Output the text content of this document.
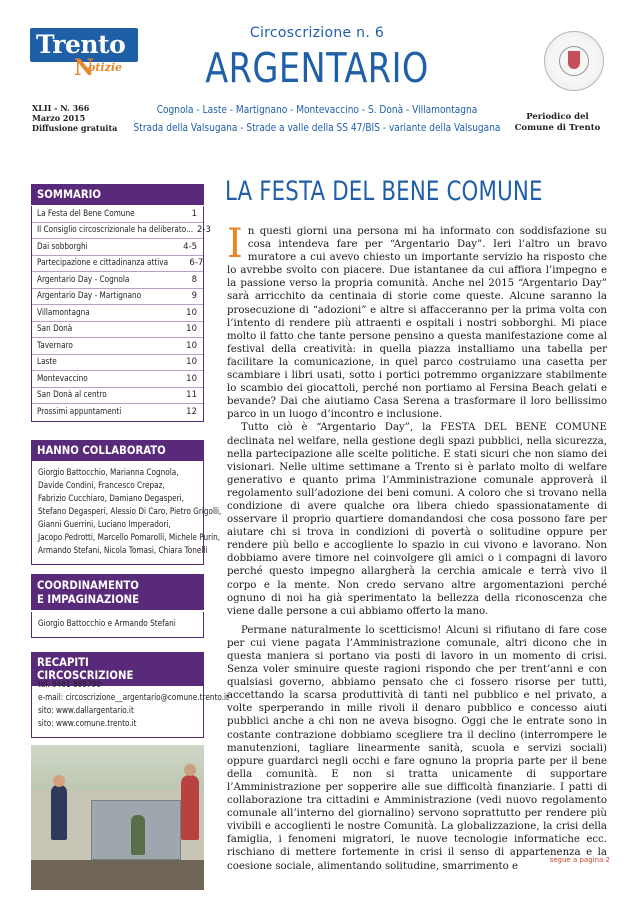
Trento
N
otizie
XLII - N. 366
Marzo 2015
Diffusione gratuita
Circoscrizione n. 6
ARGENTARIO
Cognola - Laste - Martignano - Montevaccino - S. Donà - Villamontagna
Strada della Valsugana - Strade a valle della SS 47/BIS - variante della Valsugana
Periodico del
Comune di Trento
SOMMARIO
La Festa del Bene Comune	1
Il Consiglio circoscrizionale ha deliberato... 2-3
Dai sobborghi	4-5
Partecipazione e cittadinanza attiva	6-7
Argentario Day - Cognola	8
Argentario Day - Martignano	9
Villamontagna	10
San Donà	10
Tavernaro	10
Laste	10
Montevaccino	10
San Donà al centro	11
Prossimi appuntamenti	12
HANNO COLLABORATO
Giorgio Battocchio, Marianna Cognola,
Davide Condini, Francesco Crepaz,
Fabrizio Cucchiaro, Damiano Degasperi,
Stefano Degasperi, Alessio Di Caro, Pietro Grigolli,
Gianni Guerrini, Luciano Imperadori,
Jacopo Pedrotti, Marcello Pomarolli, Michele Purin,
Armando Stefani, Nicola Tomasi, Chiara Tonelli
COORDINAMENTO
E IMPAGINAZIONE
Giorgio Battocchio e Armando Stefani
RECAPITI CIRCOSCRIZIONE
tel. 0461 889790
e-mail: circoscrizione__argentario@comune.trento.it
sito: www.dallargentario.it
sito: www.comune.trento.it
LA FESTA DEL BENE COMUNE

In questi giorni una persona mi ha informato con soddisfazione su cosa intendeva fare per “Argentario Day”. Ieri l’altro un bravo muratore a cui avevo chiesto un importante servizio ha risposto che lo avrebbe svolto con piacere. Due istantanee da cui affiora l’impegno e la passione verso la propria comunità. Anche nel 2015 “Argentario Day” sarà arricchito da centinaia di storie come queste. Alcune saranno la prosecuzione di “adozioni” e altre si affacceranno per la prima volta con l’intento di rendere più attraenti e ospitali i nostri sobborghi. Mi piace molto il fatto che tante persone pensino a questa manifestazione come al festival della creatività: in quella piazza installiamo una tabella per facilitare la comunicazione, in quel parco costruiamo una casetta per scambiare i libri usati, sotto i portici potremmo organizzare stabilmente lo scambio dei giocattoli, perché non portiamo al Fersina Beach gelati e bevande? Dai che aiutiamo Casa Serena a trasformare il loro bellissimo parco in un luogo d’incontro e inclusione.

Tutto ciò è “Argentario Day”, la FESTA DEL BENE COMUNE declinata nel welfare, nella gestione degli spazi pubblici, nella sicurezza, nella partecipazione alle scelte politiche. E stati sicuri che non siamo dei visionari. Nelle ultime settimane a Trento si è parlato molto di welfare generativo e quanto prima l’Amministrazione comunale approverà il regolamento sull’adozione dei beni comuni. A coloro che si trovano nella condizione di avere qualche ora libera chiedo spassionatamente di osservare il proprio quartiere domandandosi che cosa possono fare per aiutare chi si trova in condizioni di povertà o solitudine oppure per rendere più bello e accogliente lo spazio in cui vivono e lavorano. Non dobbiamo avere timore nel coinvolgere gli amici o i compagni di lavoro perché questo impegno allargherà la cerchia amicale e terrà vivo il corpo e la mente. Non credo servano altre argomentazioni perché ognuno di noi ha già sperimentato la bellezza della riconoscenza che viene dalle persone a cui abbiamo offerto la mano.

Permane naturalmente lo scetticismo! Alcuni si rifiutano di fare cose per cui viene pagata l’Amministrazione comunale, altri dicono che in questa maniera si portano via posti di lavoro in un momento di crisi. Senza voler sminuire queste ragioni rispondo che per trent’anni e con qualsiasi governo, abbiamo pensato che ci fossero risorse per tutti, accettando la scarsa produttività di tanti nel pubblico e nel privato, a volte sperperando in mille rivoli il denaro pubblico e concesso aiuti pubblici anche a chi non ne aveva bisogno. Oggi che le entrate sono in costante contrazione dobbiamo scegliere tra il declino (interrompere le manutenzioni, tagliare linearmente sanità, scuola e servizi sociali) oppure guardarci negli occhi e fare ognuno la propria parte per il bene della comunità. E non si tratta unicamente di supportare l’Amministrazione per sopperire alle sue difficoltà finanziarie. I patti di collaborazione tra cittadini e Amministrazione (vedi nuovo regolamento comunale all’interno del giornalino) servono soprattutto per rendere più vivibili e accoglienti le nostre Comunità. La globalizzazione, la crisi della famiglia, i fenomeni migratori, le nuove tecnologie informatiche ecc. rischiano di mettere fortemente in crisi il senso di appartenenza e la coesione sociale, alimentando solitudine, smarrimento e

segue a pagina 2
